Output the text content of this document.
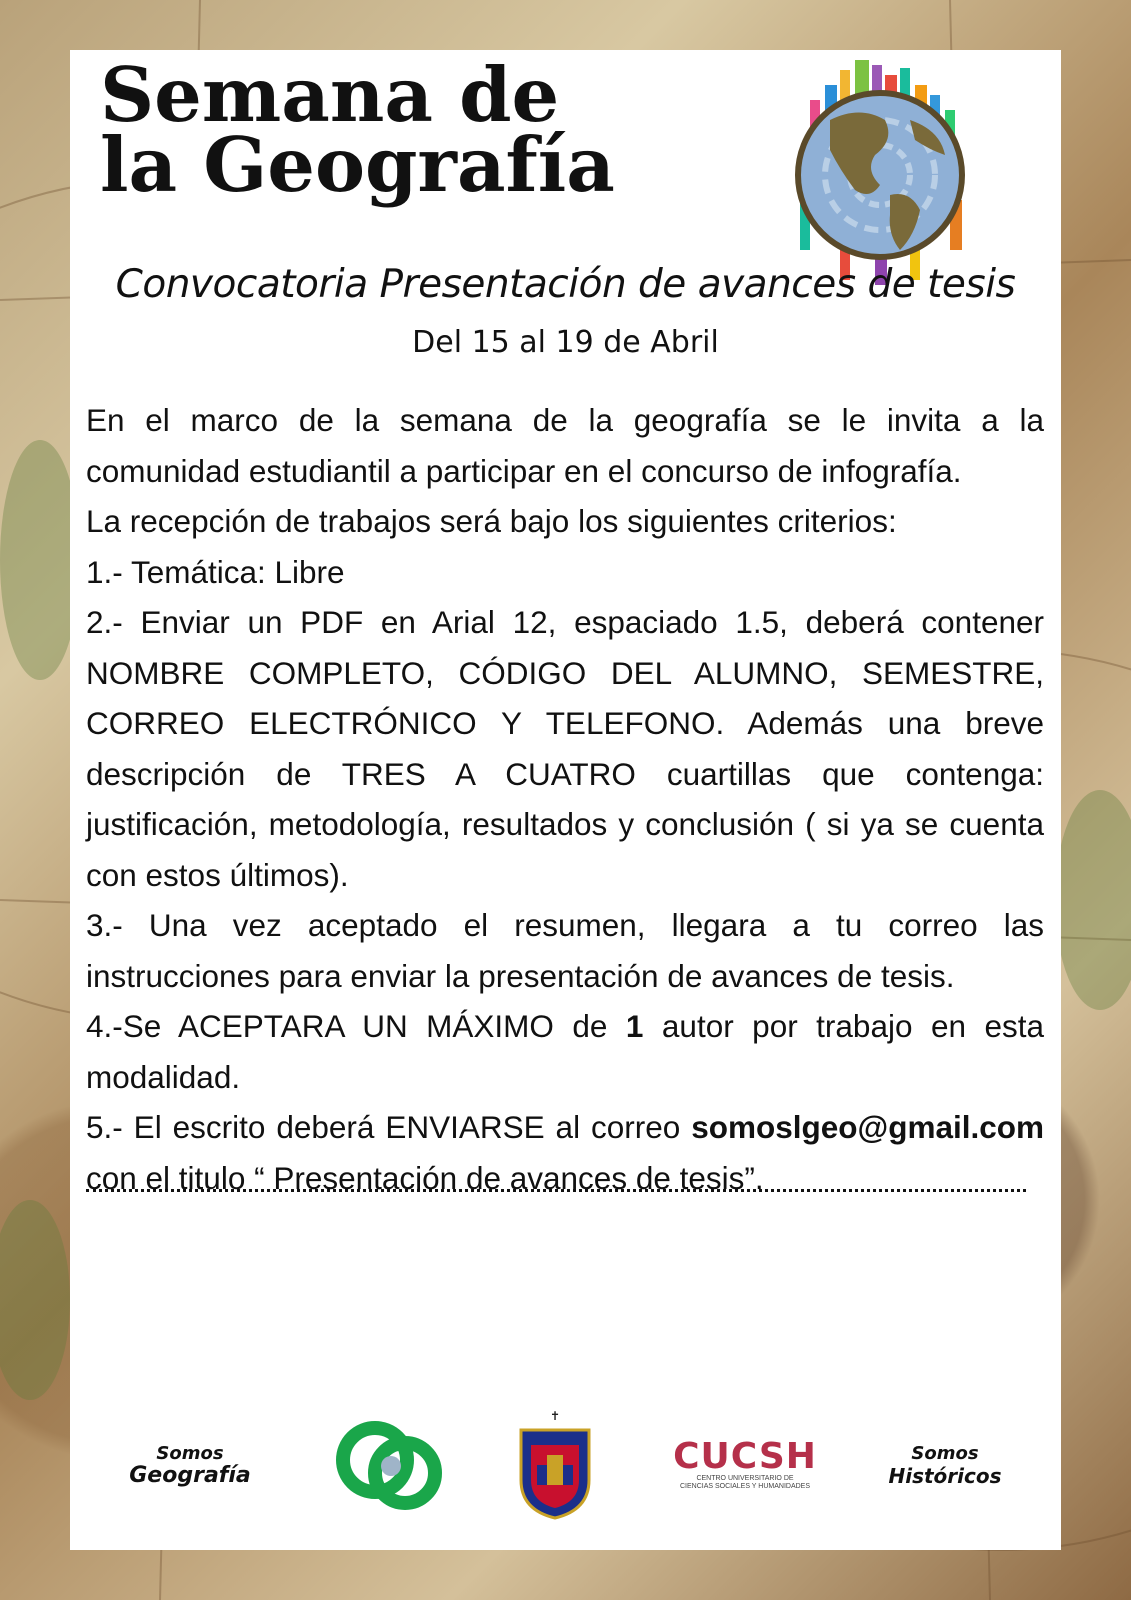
Semana de
la Geografía
Convocatoria Presentación de avances de tesis
Del 15 al 19 de Abril

En el marco de la semana de la geografía se le invita a la comunidad estudiantil a participar en el concurso de infografía.

La recepción de trabajos será bajo los siguientes criterios:

1.- Temática: Libre

2.- Enviar un PDF en Arial 12, espaciado 1.5, deberá contener NOMBRE COMPLETO, CÓDIGO DEL ALUMNO, SEMESTRE, CORREO ELECTRÓNICO Y TELEFONO. Además una breve descripción de TRES A CUATRO cuartillas que contenga: justificación, metodología, resultados y conclusión ( si ya se cuenta con estos últimos).

3.- Una vez aceptado el resumen, llegara a tu correo las instrucciones para enviar la presentación de avances de tesis.

4.-Se ACEPTARA UN MÁXIMO de 1 autor por trabajo en esta modalidad.

5.- El escrito deberá ENVIARSE al correo somoslgeo@gmail.com con el titulo “ Presentación de avances de tesis”.

Somos
Geografía
✝
CUCSH
CENTRO UNIVERSITARIO DE
CIENCIAS SOCIALES Y HUMANIDADES
Somos
Históricos
